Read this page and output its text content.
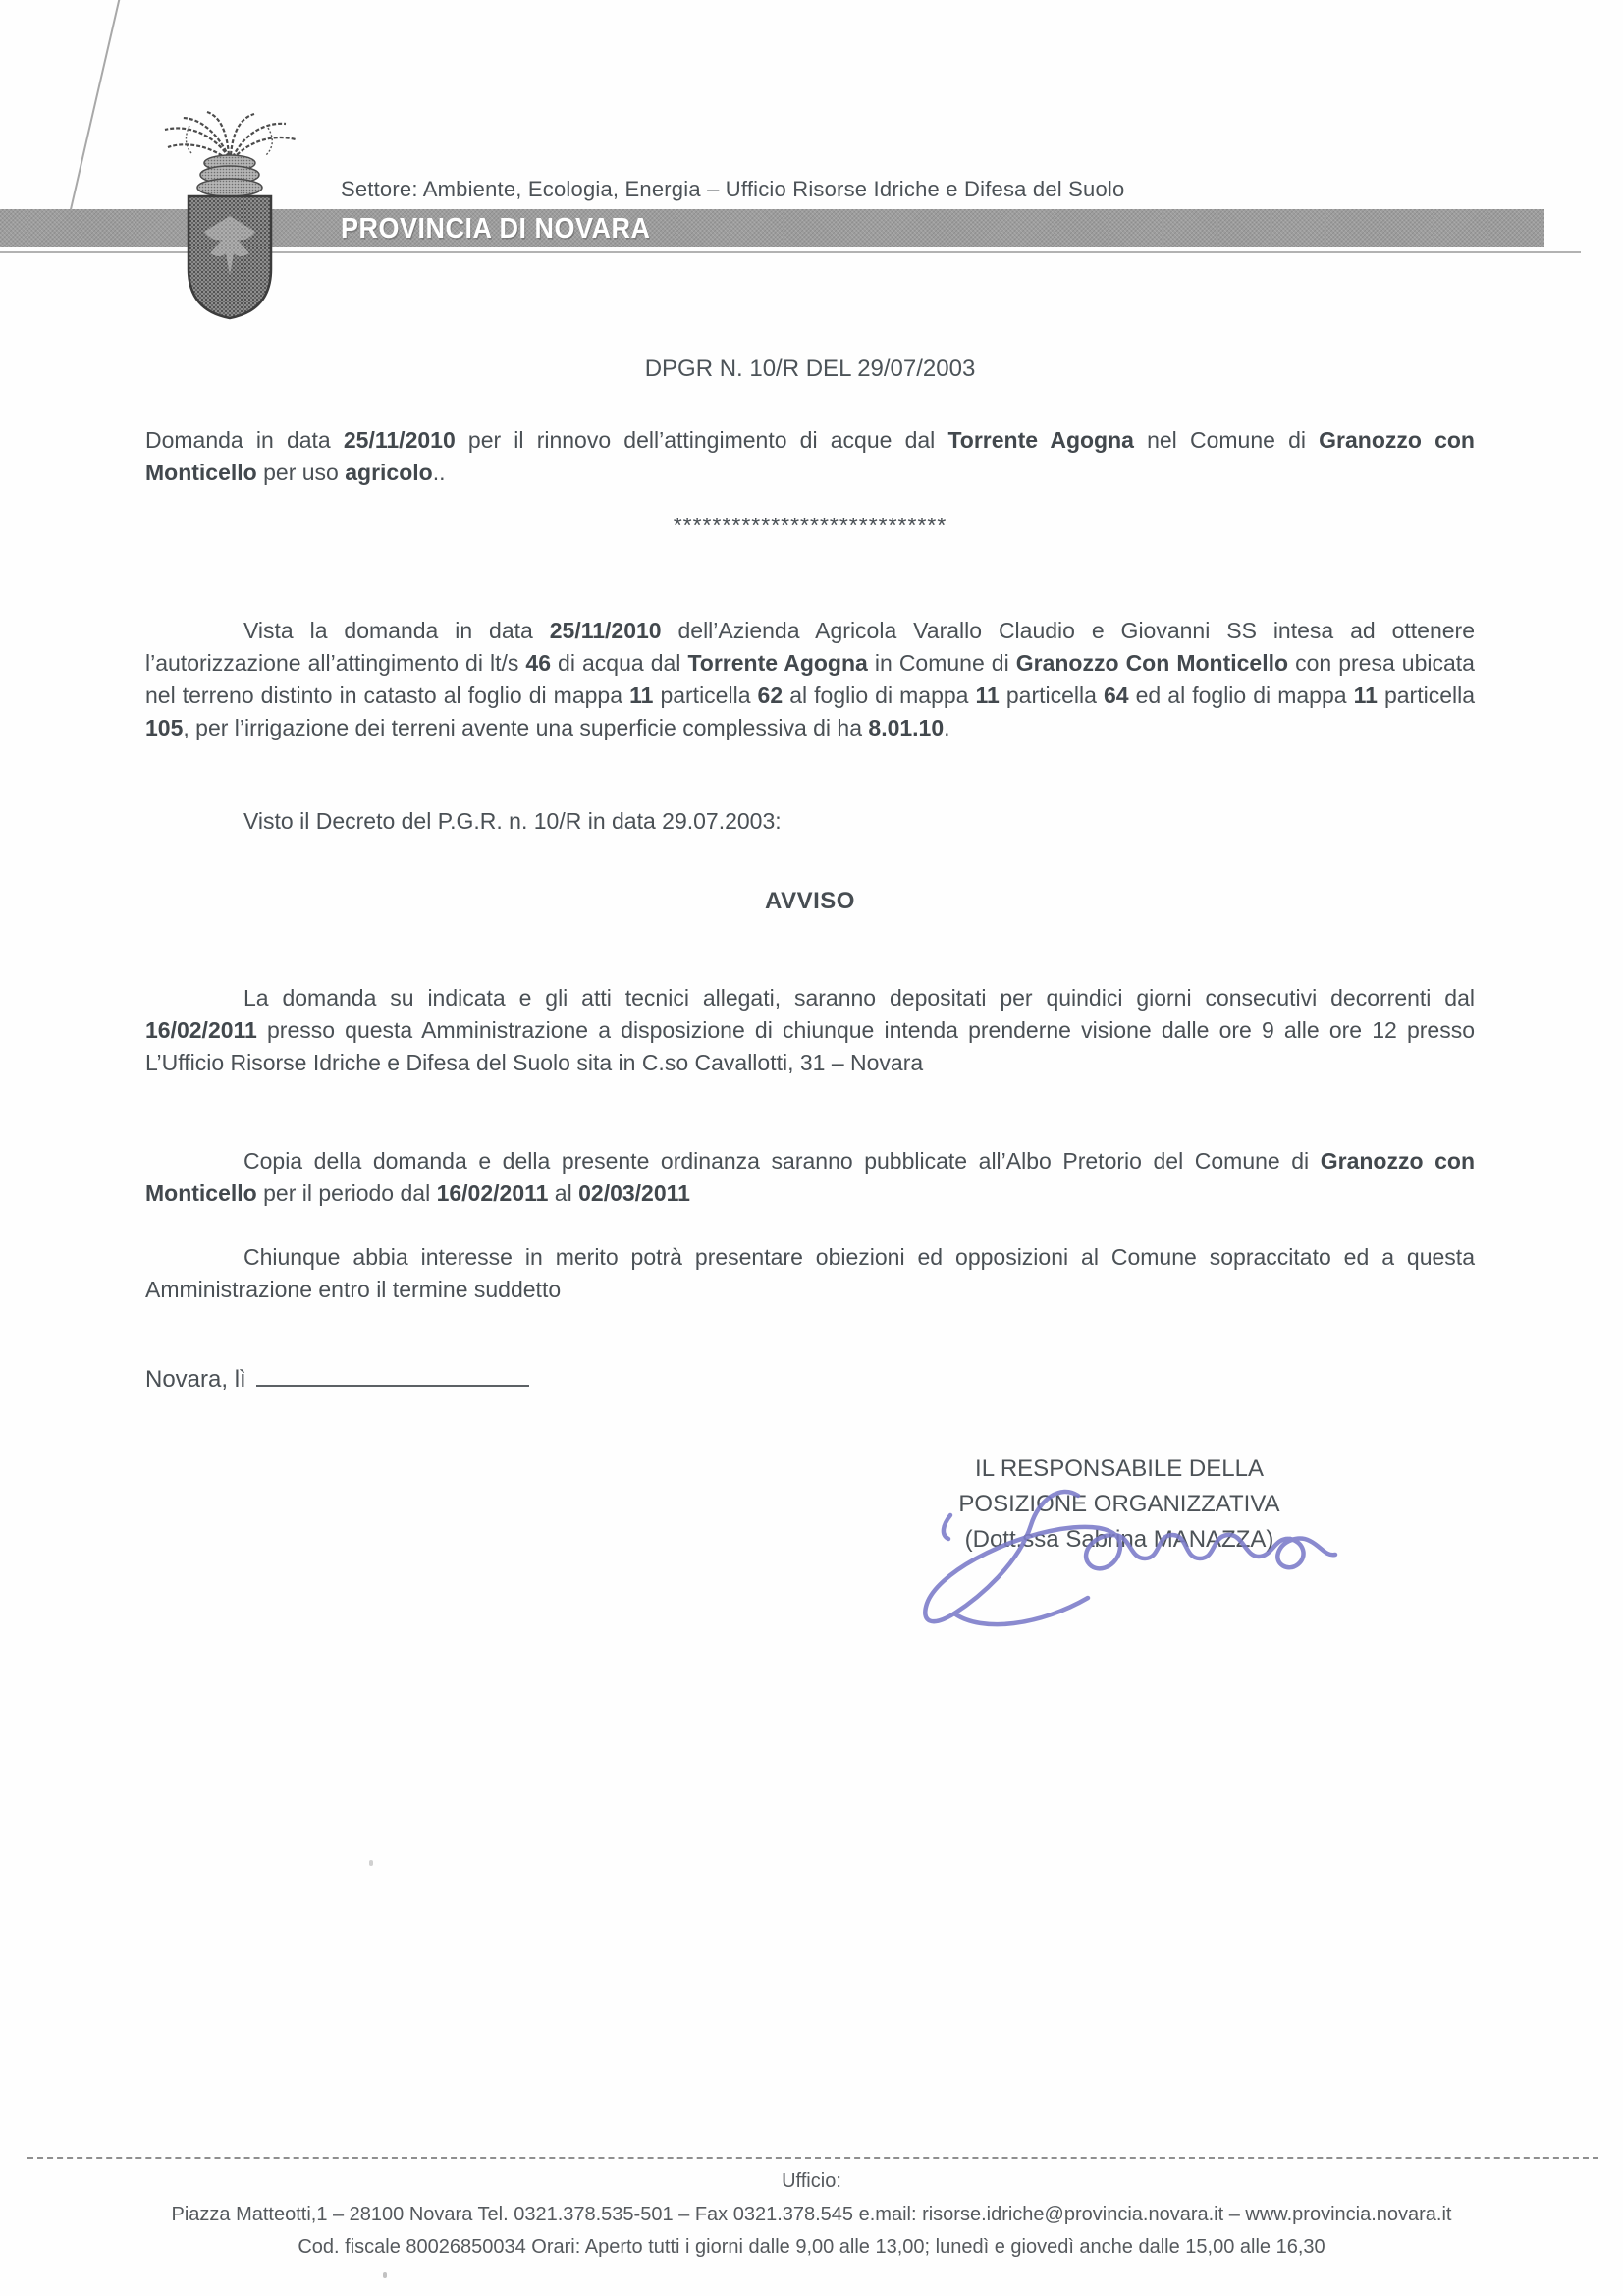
Settore: Ambiente, Ecologia, Energia – Ufficio Risorse Idriche e Difesa del Suolo
PROVINCIA DI NOVARA
DPGR N. 10/R DEL 29/07/2003
Domanda in data 25/11/2010 per il rinnovo dell’attingimento di acque dal Torrente Agogna nel Comune di Granozzo con Monticello per uso agricolo..
****************************
Vista la domanda in data 25/11/2010 dell’Azienda Agricola Varallo Claudio e Giovanni SS intesa ad ottenere l’autorizzazione all’attingimento di lt/s 46 di acqua dal Torrente Agogna in Comune di Granozzo Con Monticello con presa ubicata nel terreno distinto in catasto al foglio di mappa 11 particella 62 al foglio di mappa 11 particella 64 ed al foglio di mappa 11 particella 105, per l’irrigazione dei terreni avente una superficie complessiva di ha 8.01.10.
Visto il Decreto del P.G.R. n. 10/R in data 29.07.2003:
AVVISO
La domanda su indicata e gli atti tecnici allegati, saranno depositati per quindici giorni consecutivi decorrenti dal 16/02/2011 presso questa Amministrazione a disposizione di chiunque intenda prenderne visione dalle ore 9 alle ore 12 presso L’Ufficio Risorse Idriche e Difesa del Suolo sita in C.so Cavallotti, 31 – Novara
Copia della domanda e della presente ordinanza saranno pubblicate all’Albo Pretorio del Comune di Granozzo con Monticello per il periodo dal 16/02/2011 al 02/03/2011
Chiunque abbia interesse in merito potrà presentare obiezioni ed opposizioni al Comune sopraccitato ed a questa Amministrazione entro il termine suddetto
Novara, lì
IL RESPONSABILE DELLA
POSIZIONE ORGANIZZATIVA
(Dott.ssa Sabrina MANAZZA)
Ufficio:
Piazza Matteotti,1 – 28100 Novara Tel. 0321.378.535-501 – Fax 0321.378.545 e.mail: risorse.idriche@provincia.novara.it – www.provincia.novara.it
Cod. fiscale 80026850034 Orari: Aperto tutti i giorni dalle 9,00 alle 13,00; lunedì e giovedì anche dalle 15,00 alle 16,30
